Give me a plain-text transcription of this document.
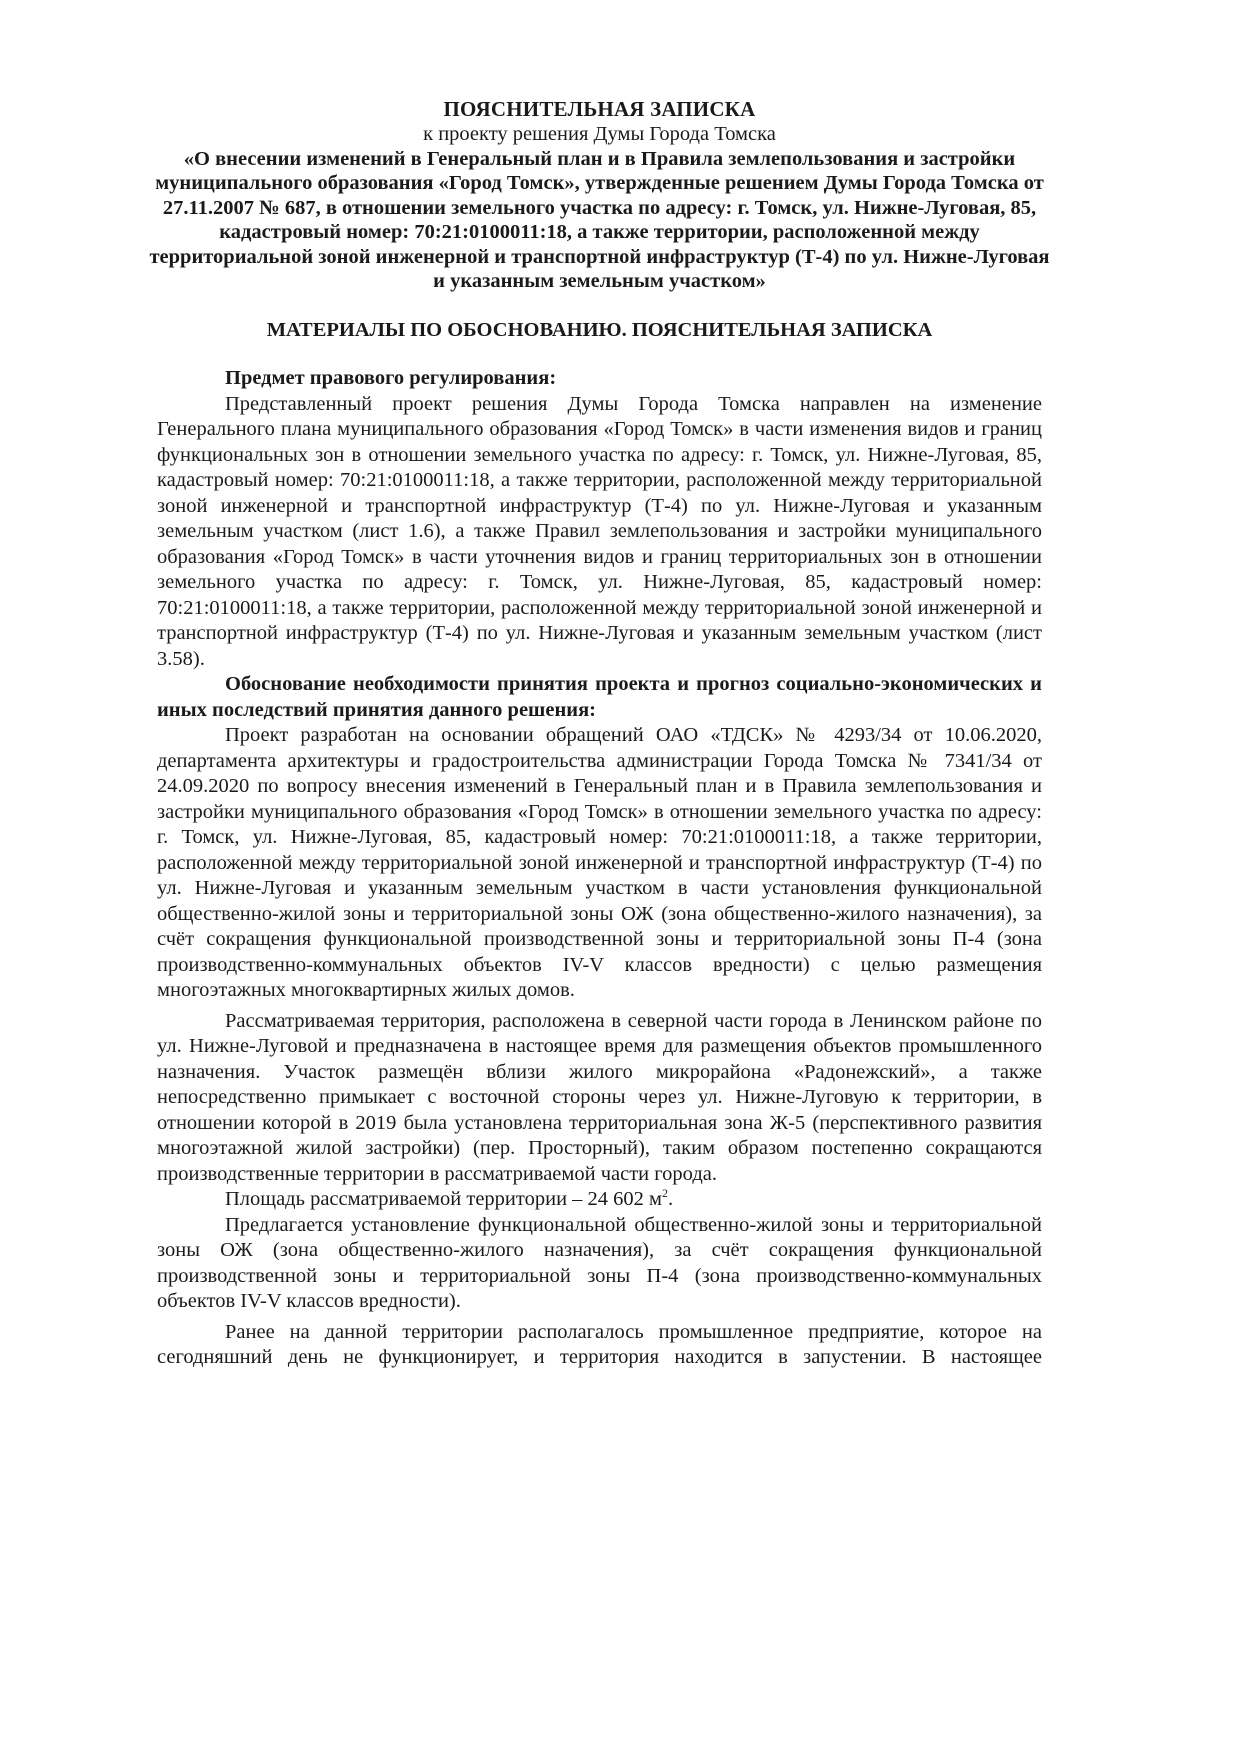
ПОЯСНИТЕЛЬНАЯ ЗАПИСКА
к проекту решения Думы Города Томска
«О внесении изменений в Генеральный план и в Правила землепользования и застройки муниципального образования «Город Томск», утвержденные решением Думы Города Томска от 27.11.2007 № 687, в отношении земельного участка по адресу: г. Томск, ул. Нижне-Луговая, 85, кадастровый номер: 70:21:0100011:18, а также территории, расположенной между территориальной зоной инженерной и транспортной инфраструктур (Т-4) по ул. Нижне-Луговая и указанным земельным участком»
МАТЕРИАЛЫ ПО ОБОСНОВАНИЮ. ПОЯСНИТЕЛЬНАЯ ЗАПИСКА
Предмет правового регулирования:

Представленный проект решения Думы Города Томска направлен на изменение Генерального плана муниципального образования «Город Томск» в части изменения видов и границ функциональных зон в отношении земельного участка по адресу: г. Томск, ул. Нижне-Луговая, 85, кадастровый номер: 70:21:0100011:18, а также территории, расположенной между территориальной зоной инженерной и транспортной инфраструктур (Т-4) по ул. Нижне-Луговая и указанным земельным участком (лист 1.6), а также Правил землепользования и застройки муниципального образования «Город Томск» в части уточнения видов и границ территориальных зон в отношении земельного участка по адресу: г. Томск, ул. Нижне-Луговая, 85, кадастровый номер: 70:21:0100011:18, а также территории, расположенной между территориальной зоной инженерной и транспортной инфраструктур (Т-4) по ул. Нижне-Луговая и указанным земельным участком (лист 3.58).

Обоснование необходимости принятия проекта и прогноз социально-экономических и иных последствий принятия данного решения:

Проект разработан на основании обращений ОАО «ТДСК» № 4293/34 от 10.06.2020, департамента архитектуры и градостроительства администрации Города Томска № 7341/34 от 24.09.2020 по вопросу внесения изменений в Генеральный план и в Правила землепользования и застройки муниципального образования «Город Томск» в отношении земельного участка по адресу: г. Томск, ул. Нижне-Луговая, 85, кадастровый номер: 70:21:0100011:18, а также территории, расположенной между территориальной зоной инженерной и транспортной инфраструктур (Т-4) по ул. Нижне-Луговая и указанным земельным участком в части установления функциональной общественно-жилой зоны и территориальной зоны ОЖ (зона общественно-жилого назначения), за счёт сокращения функциональной производственной зоны и территориальной зоны П-4 (зона производственно-коммунальных объектов IV-V классов вредности) с целью размещения многоэтажных многоквартирных жилых домов.

Рассматриваемая территория, расположена в северной части города в Ленинском районе по ул. Нижне-Луговой и предназначена в настоящее время для размещения объектов промышленного назначения. Участок размещён вблизи жилого микрорайона «Радонежский», а также непосредственно примыкает с восточной стороны через ул. Нижне-Луговую к территории, в отношении которой в 2019 была установлена территориальная зона Ж-5 (перспективного развития многоэтажной жилой застройки) (пер. Просторный), таким образом постепенно сокращаются производственные территории в рассматриваемой части города.

Площадь рассматриваемой территории – 24 602 $м^2$.

Предлагается установление функциональной общественно-жилой зоны и территориальной зоны ОЖ (зона общественно-жилого назначения), за счёт сокращения функциональной производственной зоны и территориальной зоны П-4 (зона производственно-коммунальных объектов IV-V классов вредности).

Ранее на данной территории располагалось промышленное предприятие, которое на сегодняшний день не функционирует, и территория находится в запустении. В настоящее
